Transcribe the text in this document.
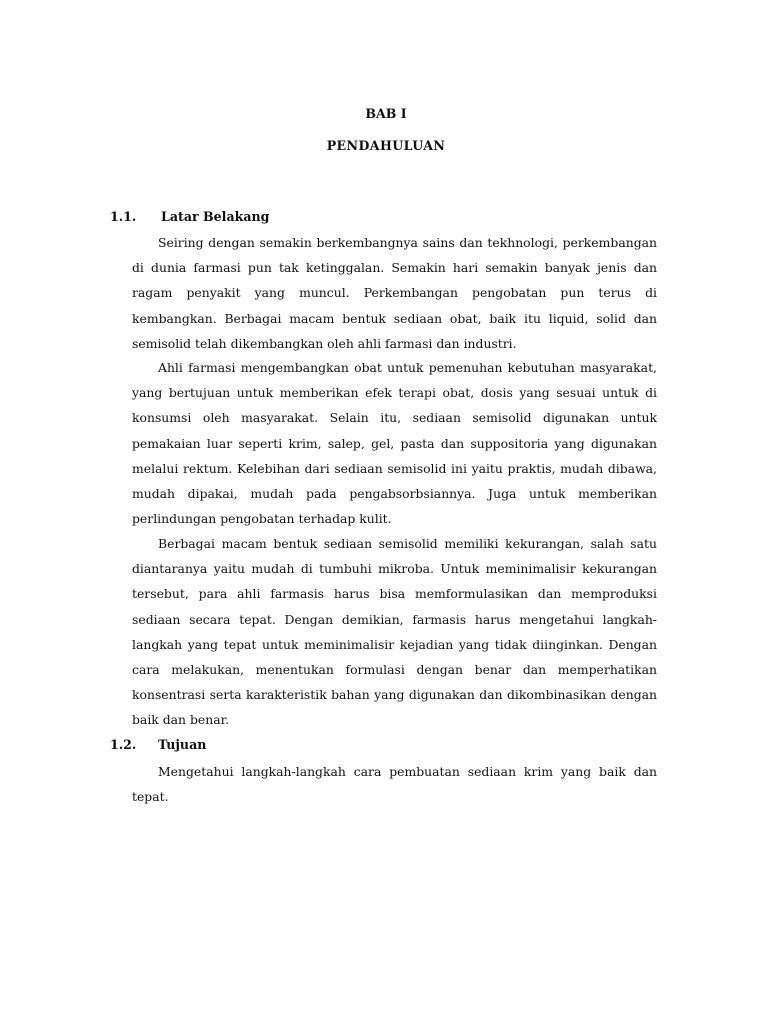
BAB I
PENDAHULUAN
1.1. Latar Belakang

Seiring dengan semakin berkembangnya sains dan tekhnologi, perkembangan di dunia farmasi pun tak ketinggalan. Semakin hari semakin banyak jenis dan ragam penyakit yang muncul. Perkembangan pengobatan pun terus di kembangkan. Berbagai macam bentuk sediaan obat, baik itu liquid, solid dan semisolid telah dikembangkan oleh ahli farmasi dan industri.

Ahli farmasi mengembangkan obat untuk pemenuhan kebutuhan masyarakat, yang bertujuan untuk memberikan efek terapi obat, dosis yang sesuai untuk di konsumsi oleh masyarakat. Selain itu, sediaan semisolid digunakan untuk pemakaian luar seperti krim, salep, gel, pasta dan suppositoria yang digunakan melalui rektum. Kelebihan dari sediaan semisolid ini yaitu praktis, mudah dibawa, mudah dipakai, mudah pada pengabsorbsiannya. Juga untuk memberikan perlindungan pengobatan terhadap kulit.

Berbagai macam bentuk sediaan semisolid memiliki kekurangan, salah satu diantaranya yaitu mudah di tumbuhi mikroba. Untuk meminimalisir kekurangan tersebut, para ahli farmasis harus bisa memformulasikan dan memproduksi sediaan secara tepat. Dengan demikian, farmasis harus mengetahui langkah-langkah yang tepat untuk meminimalisir kejadian yang tidak diinginkan. Dengan cara melakukan, menentukan formulasi dengan benar dan memperhatikan konsentrasi serta karakteristik bahan yang digunakan dan dikombinasikan dengan baik dan benar.

1.2. Tujuan

Mengetahui langkah-langkah cara pembuatan sediaan krim yang baik dan tepat.
